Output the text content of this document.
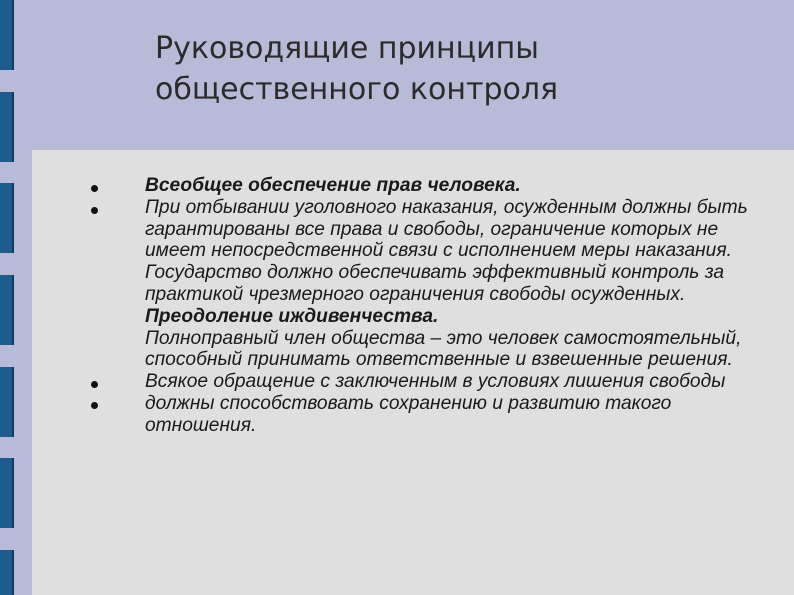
Руководящие принципы
общественного контроля

Всеобщее обеспечение прав человека.

При отбывании уголовного наказания, осужденным должны быть гарантированы все права и свободы, ограничение которых не имеет непосредственной связи с исполнением меры наказания. Государство должно обеспечивать эффективный контроль за практикой чрезмерного ограничения свободы осужденных.

Преодоление иждивенчества.

Полноправный член общества – это человек самостоятельный, способный принимать ответственные и взвешенные решения. Всякое обращение с заключенным в условиях лишения свободы должны способствовать сохранению и развитию такого отношения.
